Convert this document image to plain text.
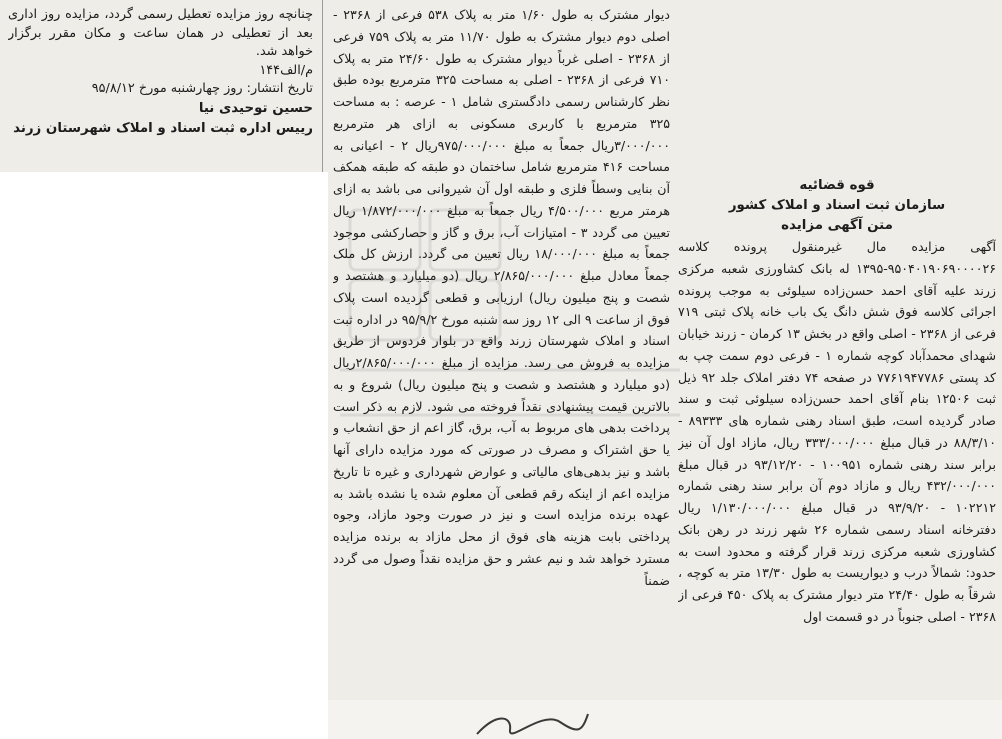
چنانچه روز مزایده تعطیل رسمی گردد، مزایده روز اداری بعد از تعطیلی در همان ساعت و مکان مقرر برگزار خواهد شد.

م/الف۱۴۴

تاریخ انتشار: روز چهارشنبه مورخ ۹۵/۸/۱۲

حسین توحیدی نیا

رییس اداره ثبت اسناد و املاک شهرستان زرند

دیوار مشترک به طول ۱/۶۰ متر به پلاک ۵۳۸ فرعی از ۲۳۶۸ - اصلی دوم دیوار مشترک به طول ۱۱/۷۰ متر به پلاک ۷۵۹ فرعی از ۲۳۶۸ - اصلی غرباً دیوار مشترک به طول ۲۴/۶۰ متر به پلاک ۷۱۰ فرعی از ۲۳۶۸ - اصلی به مساحت ۳۲۵ مترمربع بوده طبق نظر کارشناس رسمی دادگستری شامل ۱ - عرصه : به مساحت ۳۲۵ مترمربع با کاربری مسکونی به ازای هر مترمربع ۳/۰۰۰/۰۰۰ریال جمعاً به مبلغ ۹۷۵/۰۰۰/۰۰۰ریال ۲ - اعیانی به مساحت ۴۱۶ مترمربع شامل ساختمان دو طبقه که طبقه همکف آن بنایی وسطاً فلزی و طبقه اول آن شیروانی می باشد به ازای هرمتر مربع ۴/۵۰۰/۰۰۰ ریال جمعاً به مبلغ ۱/۸۷۲/۰۰۰/۰۰۰ ریال تعیین می گردد ۳ - امتیازات آب، برق و گاز و حصارکشی موجود جمعاً به مبلغ ۱۸/۰۰۰/۰۰۰ ریال تعیین می گردد. ارزش کل ملک جمعاً معادل مبلغ ۲/۸۶۵/۰۰۰/۰۰۰ ریال (دو میلیارد و هشتصد و شصت و پنج میلیون ریال) ارزیابی و قطعی گردیده است پلاک فوق از ساعت ۹ الی ۱۲ روز سه شنبه مورخ ۹۵/۹/۲ در اداره ثبت اسناد و املاک شهرستان زرند واقع در بلوار فردوس از طریق مزایده به فروش می رسد. مزایده از مبلغ ۲/۸۶۵/۰۰۰/۰۰۰ریال (دو میلیارد و هشتصد و شصت و پنج میلیون ریال) شروع و به بالاترین قیمت پیشنهادی نقداً فروخته می شود. لازم به ذکر است پرداخت بدهی های مربوط به آب، برق، گاز اعم از حق انشعاب و یا حق اشتراک و مصرف در صورتی که مورد مزایده دارای آنها باشد و نیز بدهی‌های مالیاتی و عوارض شهرداری و غیره تا تاریخ مزایده اعم از اینکه رقم قطعی آن معلوم شده یا نشده باشد به عهده برنده مزایده است و نیز در صورت وجود مازاد، وجوه پرداختی بابت هزینه های فوق از محل مازاد به برنده مزایده مسترد خواهد شد و نیم عشر و حق مزایده نقداً وصول می گردد ضمناً

قوه قضائیه
سازمان ثبت اسناد و املاک کشور
متن آگهی مزایده

آگهی مزایده مال غیرمنقول پرونده کلاسه ۹۵۰۴۰۱۹۰۶۹۰۰۰۰۲۶-۱۳۹۵ له بانک کشاورزی شعبه مرکزی زرند علیه آقای احمد حسن‌زاده سیلوئی به موجب پرونده اجرائی کلاسه فوق شش دانگ یک باب خانه پلاک ثبتی ۷۱۹ فرعی از ۲۳۶۸ - اصلی واقع در بخش ۱۳ کرمان - زرند خیابان شهدای محمدآباد کوچه شماره ۱ - فرعی دوم سمت چپ به کد پستی ۷۷۶۱۹۴۷۷۸۶ در صفحه ۷۴ دفتر املاک جلد ۹۲ ذیل ثبت ۱۲۵۰۶ بنام آقای احمد حسن‌زاده سیلوئی ثبت و سند صادر گردیده است، طبق اسناد رهنی شماره های ۸۹۳۳۳ - ۸۸/۳/۱۰ در قبال مبلغ ۳۳۳/۰۰۰/۰۰۰ ریال، مازاد اول آن نیز برابر سند رهنی شماره ۱۰۰۹۵۱ - ۹۳/۱۲/۲۰ در قبال مبلغ ۴۳۲/۰۰۰/۰۰۰ ریال و مازاد دوم آن برابر سند رهنی شماره ۱۰۲۲۱۲ - ۹۳/۹/۲۰ در قبال مبلغ ۱/۱۳۰/۰۰۰/۰۰۰ ریال دفترخانه اسناد رسمی شماره ۲۶ شهر زرند در رهن بانک کشاورزی شعبه مرکزی زرند قرار گرفته و محدود است به حدود: شمالاً درب و دیواریست به طول ۱۳/۳۰ متر به کوچه ، شرقاً به طول ۲۴/۴۰ متر دیوار مشترک به پلاک ۴۵۰ فرعی از ۲۳۶۸ - اصلی جنوباً در دو قسمت اول
